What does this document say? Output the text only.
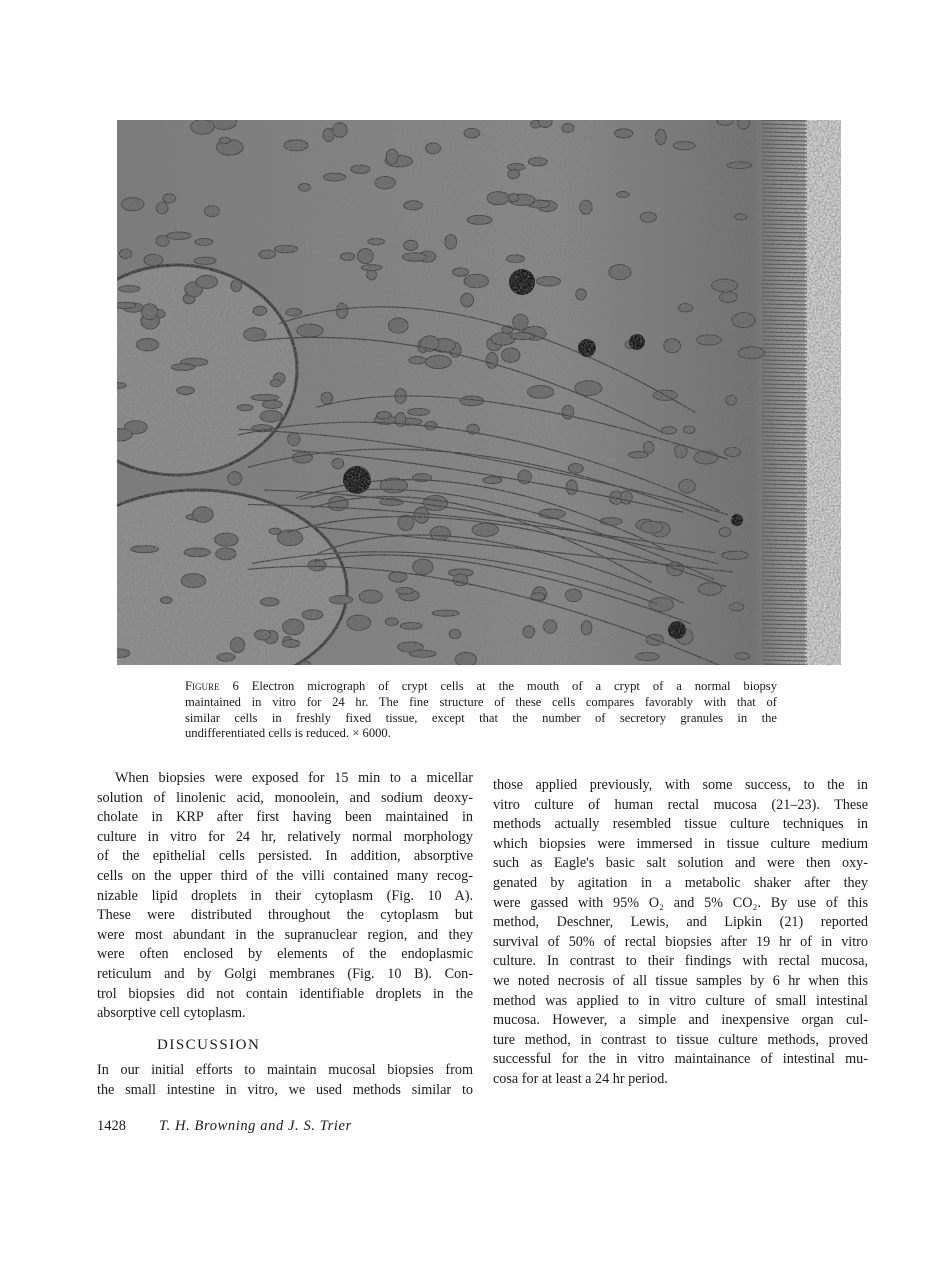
Figure 6 Electron micrograph of crypt cells at the mouth of a crypt of a normal biopsy
maintained in vitro for 24 hr. The fine structure of these cells compares favorably with that of
similar cells in freshly fixed tissue, except that the number of secretory granules in the
undifferentiated cells is reduced. × 6000.
When biopsies were exposed for 15 min to a micellar
solution of linolenic acid, monoolein, and sodium deoxy-
cholate in KRP after first having been maintained in
culture in vitro for 24 hr, relatively normal morphology
of the epithelial cells persisted. In addition, absorptive
cells on the upper third of the villi contained many recog-
nizable lipid droplets in their cytoplasm (Fig. 10 A).
These were distributed throughout the cytoplasm but
were most abundant in the supranuclear region, and they
were often enclosed by elements of the endoplasmic
reticulum and by Golgi membranes (Fig. 10 B). Con-
trol biopsies did not contain identifiable droplets in the
absorptive cell cytoplasm.
DISCUSSION
In our initial efforts to maintain mucosal biopsies from
the small intestine in vitro, we used methods similar to
those applied previously, with some success, to the in
vitro culture of human rectal mucosa (21–23). These
methods actually resembled tissue culture techniques in
which biopsies were immersed in tissue culture medium
such as Eagle's basic salt solution and were then oxy-
genated by agitation in a metabolic shaker after they
were gassed with 95% O₂ and 5% CO₂. By use of this
method, Deschner, Lewis, and Lipkin (21) reported
survival of 50% of rectal biopsies after 19 hr of in vitro
culture. In contrast to their findings with rectal mucosa,
we noted necrosis of all tissue samples by 6 hr when this
method was applied to in vitro culture of small intestinal
mucosa. However, a simple and inexpensive organ cul-
ture method, in contrast to tissue culture methods, proved
successful for the in vitro maintainance of intestinal mu-
cosa for at least a 24 hr period.
1428 T. H. Browning and J. S. Trier
